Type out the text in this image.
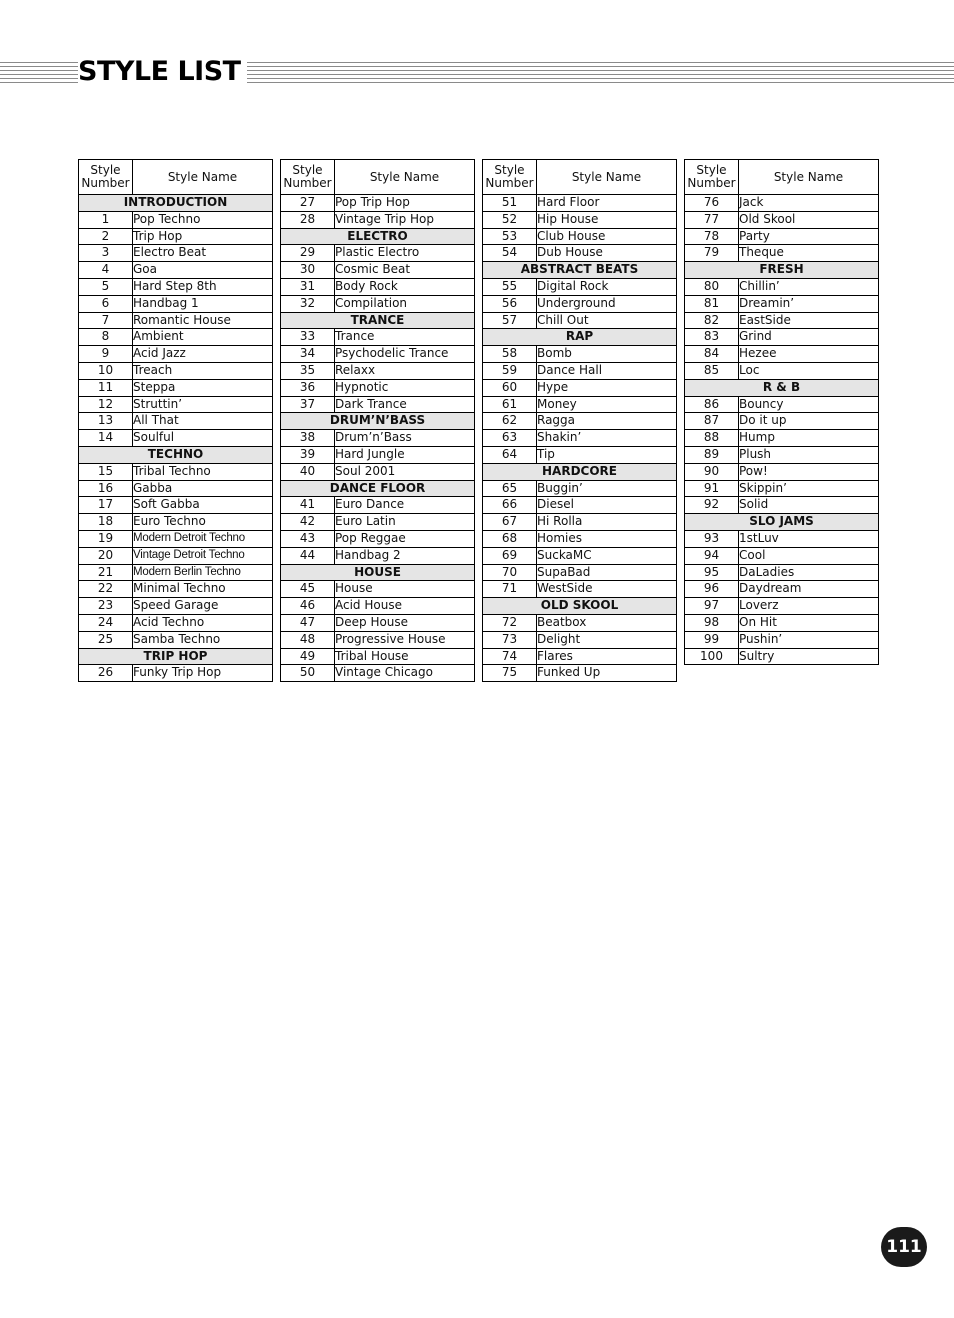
STYLE LIST
Style
Number	Style Name
INTRODUCTION	
1	Pop Techno
2	Trip Hop
3	Electro Beat
4	Goa
5	Hard Step 8th
6	Handbag 1
7	Romantic House
8	Ambient
9	Acid Jazz
10	Treach
11	Steppa
12	Struttin’
13	All That
14	Soulful
TECHNO	
15	Tribal Techno
16	Gabba
17	Soft Gabba
18	Euro Techno
19	Modern Detroit Techno
20	Vintage Detroit Techno
21	Modern Berlin Techno
22	Minimal Techno
23	Speed Garage
24	Acid Techno
25	Samba Techno
TRIP HOP	
26	Funky Trip Hop
Style
Number	Style Name
27	Pop Trip Hop
28	Vintage Trip Hop
ELECTRO	
29	Plastic Electro
30	Cosmic Beat
31	Body Rock
32	Compilation
TRANCE	
33	Trance
34	Psychodelic Trance
35	Relaxx
36	Hypnotic
37	Dark Trance
DRUM’N’BASS	
38	Drum’n’Bass
39	Hard Jungle
40	Soul 2001
DANCE FLOOR	
41	Euro Dance
42	Euro Latin
43	Pop Reggae
44	Handbag 2
HOUSE	
45	House
46	Acid House
47	Deep House
48	Progressive House
49	Tribal House
50	Vintage Chicago
Style
Number	Style Name
51	Hard Floor
52	Hip House
53	Club House
54	Dub House
ABSTRACT BEATS	
55	Digital Rock
56	Underground
57	Chill Out
RAP	
58	Bomb
59	Dance Hall
60	Hype
61	Money
62	Ragga
63	Shakin’
64	Tip
HARDCORE	
65	Buggin’
66	Diesel
67	Hi Rolla
68	Homies
69	SuckaMC
70	SupaBad
71	WestSide
OLD SKOOL	
72	Beatbox
73	Delight
74	Flares
75	Funked Up
Style
Number	Style Name
76	Jack
77	Old Skool
78	Party
79	Theque
FRESH	
80	Chillin’
81	Dreamin’
82	EastSide
83	Grind
84	Hezee
85	Loc
R & B	
86	Bouncy
87	Do it up
88	Hump
89	Plush
90	Pow!
91	Skippin’
92	Solid
SLO JAMS	
93	1stLuv
94	Cool
95	DaLadies
96	Daydream
97	Loverz
98	On Hit
99	Pushin’
100	Sultry
111
